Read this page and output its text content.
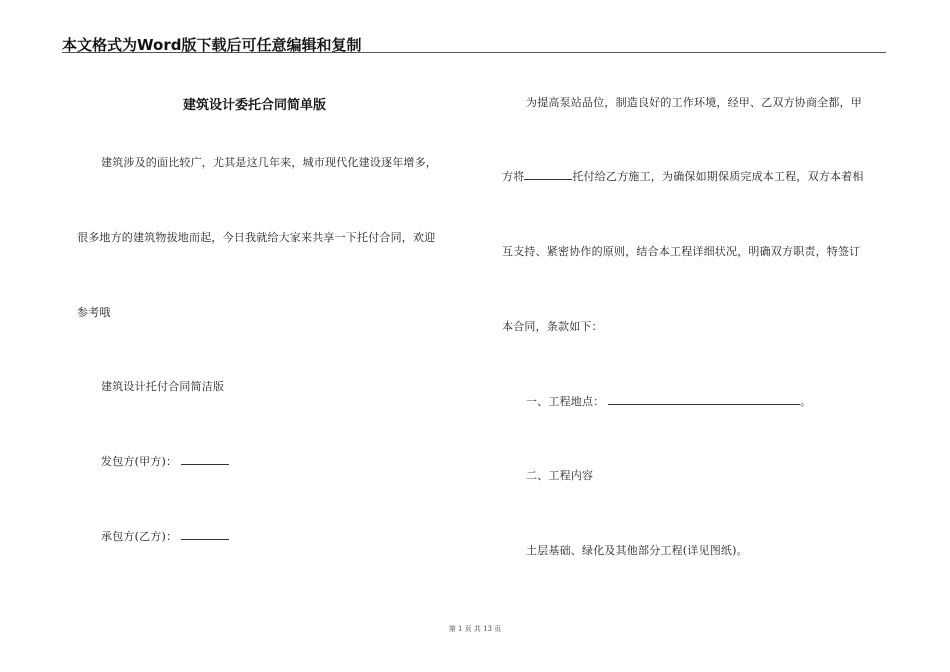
本文格式为Word版下载后可任意编辑和复制
建筑设计委托合同简单版
建筑涉及的面比较广，尤其是这几年来，城市现代化建设逐年增多，
很多地方的建筑物拔地而起，今日我就给大家来共享一下托付合同，欢迎
参考哦
建筑设计托付合同简洁版
发包方(甲方)：
承包方(乙方)：
为提高泵站品位，制造良好的工作环境，经甲、乙双方协商全都，甲
方将	托付给乙方施工，为确保如期保质完成本工程，双方本着相
互支持、紧密协作的原则，结合本工程详细状况，明确双方职责，特签订
本合同，条款如下：
一、工程地点：	。
二、工程内容
土层基础、绿化及其他部分工程(详见图纸)。
第 1 页 共 13 页
